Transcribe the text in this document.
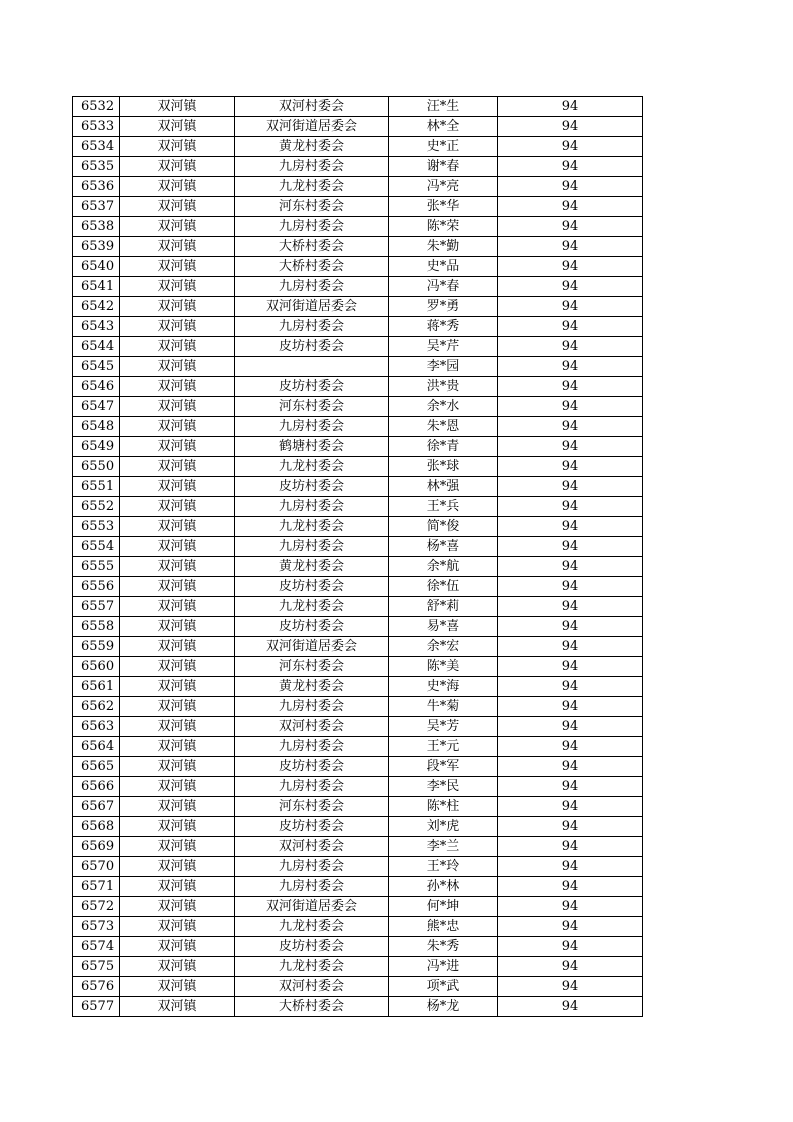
6532	双河镇	双河村委会	汪*生	94
6533	双河镇	双河街道居委会	林*全	94
6534	双河镇	黄龙村委会	史*正	94
6535	双河镇	九房村委会	谢*春	94
6536	双河镇	九龙村委会	冯*亮	94
6537	双河镇	河东村委会	张*华	94
6538	双河镇	九房村委会	陈*荣	94
6539	双河镇	大桥村委会	朱*勤	94
6540	双河镇	大桥村委会	史*品	94
6541	双河镇	九房村委会	冯*春	94
6542	双河镇	双河街道居委会	罗*勇	94
6543	双河镇	九房村委会	蒋*秀	94
6544	双河镇	皮坊村委会	吴*芹	94
6545	双河镇		李*园	94
6546	双河镇	皮坊村委会	洪*贵	94
6547	双河镇	河东村委会	余*水	94
6548	双河镇	九房村委会	朱*恩	94
6549	双河镇	鹤塘村委会	徐*青	94
6550	双河镇	九龙村委会	张*球	94
6551	双河镇	皮坊村委会	林*强	94
6552	双河镇	九房村委会	王*兵	94
6553	双河镇	九龙村委会	简*俊	94
6554	双河镇	九房村委会	杨*喜	94
6555	双河镇	黄龙村委会	余*航	94
6556	双河镇	皮坊村委会	徐*伍	94
6557	双河镇	九龙村委会	舒*莉	94
6558	双河镇	皮坊村委会	易*喜	94
6559	双河镇	双河街道居委会	余*宏	94
6560	双河镇	河东村委会	陈*美	94
6561	双河镇	黄龙村委会	史*海	94
6562	双河镇	九房村委会	牛*菊	94
6563	双河镇	双河村委会	吴*芳	94
6564	双河镇	九房村委会	王*元	94
6565	双河镇	皮坊村委会	段*军	94
6566	双河镇	九房村委会	李*民	94
6567	双河镇	河东村委会	陈*柱	94
6568	双河镇	皮坊村委会	刘*虎	94
6569	双河镇	双河村委会	李*兰	94
6570	双河镇	九房村委会	王*玲	94
6571	双河镇	九房村委会	孙*林	94
6572	双河镇	双河街道居委会	何*坤	94
6573	双河镇	九龙村委会	熊*忠	94
6574	双河镇	皮坊村委会	朱*秀	94
6575	双河镇	九龙村委会	冯*进	94
6576	双河镇	双河村委会	项*武	94
6577	双河镇	大桥村委会	杨*龙	94
